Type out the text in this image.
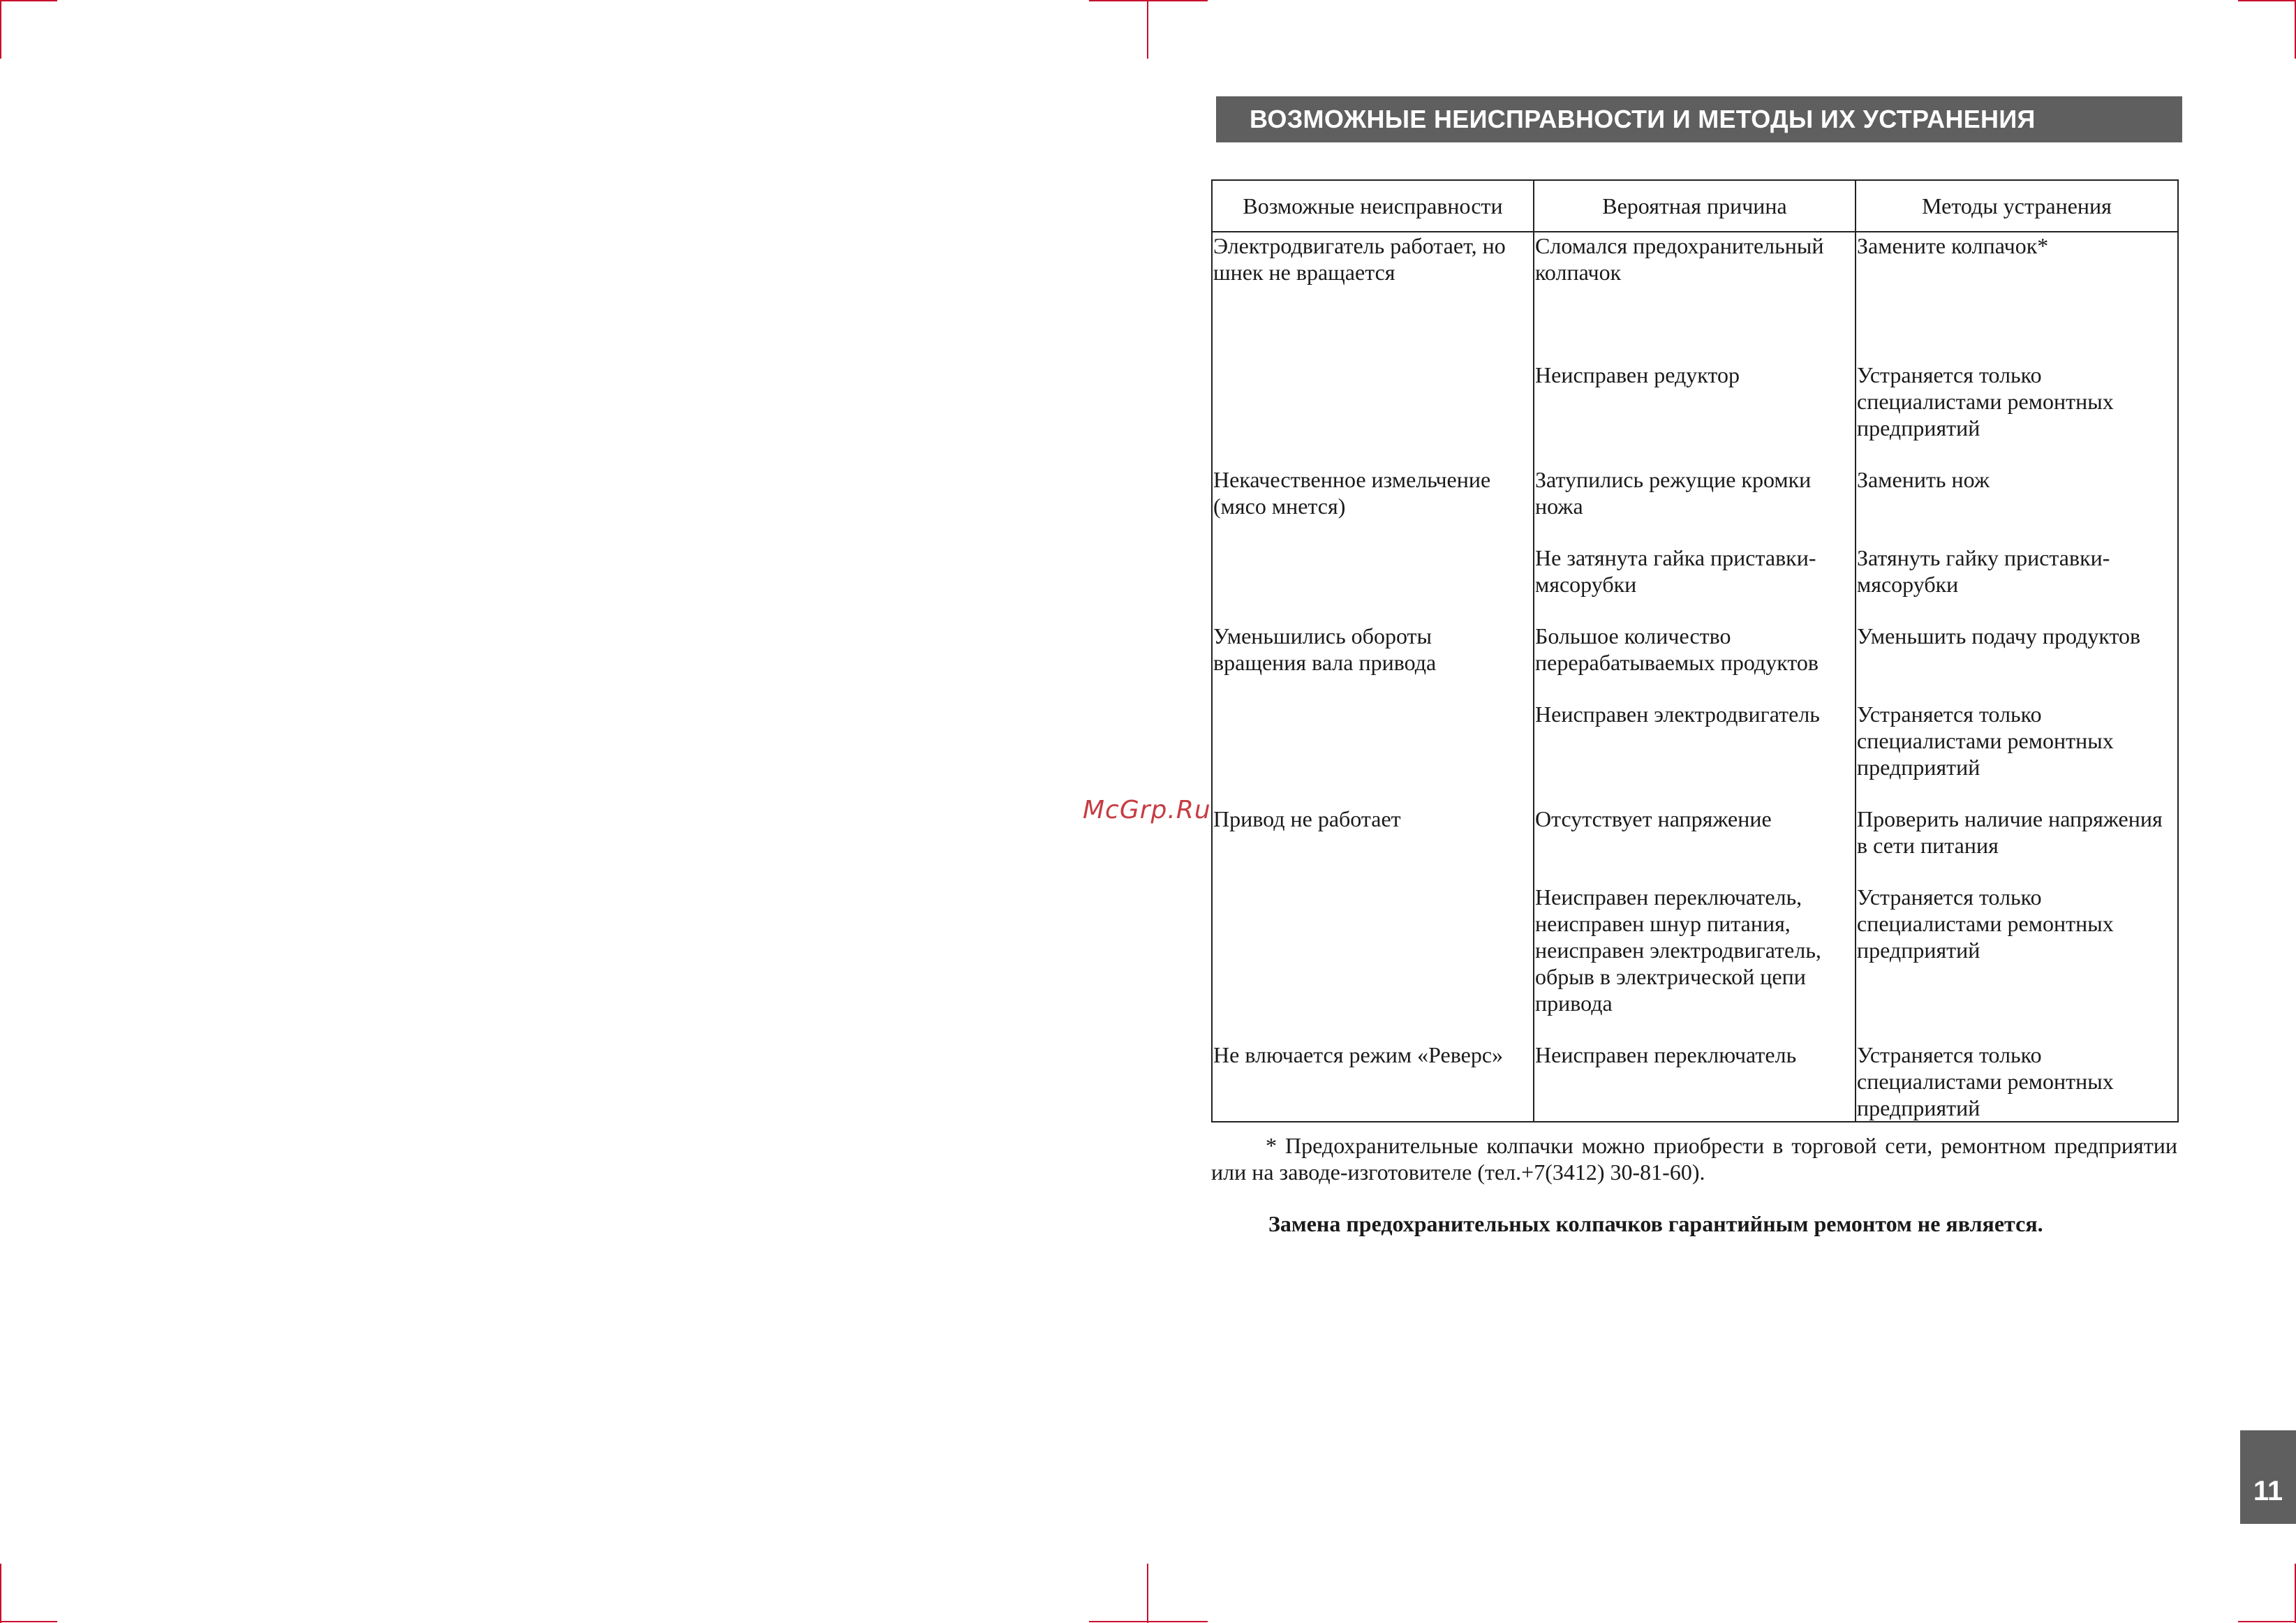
ВОЗМОЖНЫЕ НЕИСПРАВНОСТИ И МЕТОДЫ ИХ УСТРАНЕНИЯ
Возможные неисправности	Вероятная причина	Методы устранения
Электродвигатель работает, но шнек не вращается	Сломался предохранительный колпачок	Замените колпачок*
	Неисправен редуктор	Устраняется только специалистами ремонтных предприятий
Некачественное измельчение (мясо мнется)	Затупились режущие кромки ножа	Заменить нож
	Не затянута гайка приставки-мясорубки	Затянуть гайку приставки-мясорубки
Уменьшились обороты вращения вала привода	Большое количество перерабатываемых продуктов	Уменьшить подачу продуктов
	Неисправен электродвигатель	Устраняется только специалистами ремонтных предприятий
Привод не работает	Отсутствует напряжение	Проверить наличие напряжения в сети питания
	Неисправен переключатель, неисправен шнур питания, неисправен электродвигатель, обрыв в электрической цепи привода	Устраняется только специалистами ремонтных предприятий
Не влючается режим «Реверс»	Неисправен переключатель	Устраняется только специалистами ремонтных предприятий
* Предохранительные колпачки можно приобрести в торговой сети, ремонтном предприятии или на заводе-изготовителе (тел.+7(3412) 30-81-60).
Замена предохранительных колпачков гарантийным ремонтом не является.
McGrp.Ru
11
